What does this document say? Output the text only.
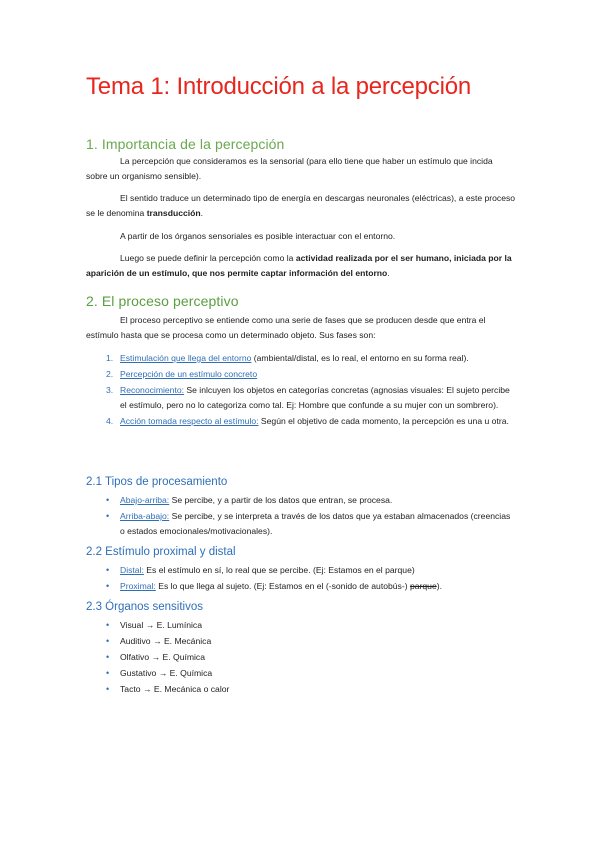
Tema 1: Introducción a la percepción
1. Importancia de la percepción

La percepción que consideramos es la sensorial (para ello tiene que haber un estímulo que incida sobre un organismo sensible).

El sentido traduce un determinado tipo de energía en descargas neuronales (eléctricas), a este proceso se le denomina transducción.

A partir de los órganos sensoriales es posible interactuar con el entorno.

Luego se puede definir la percepción como la actividad realizada por el ser humano, iniciada por la aparición de un estímulo, que nos permite captar información del entorno.

2. El proceso perceptivo

El proceso perceptivo se entiende como una serie de fases que se producen desde que entra el estímulo hasta que se procesa como un determinado objeto. Sus fases son:

1. Estimulación que llega del entorno (ambiental/distal, es lo real, el entorno en su forma real).
2. Percepción de un estímulo concreto
3. Reconocimiento: Se inlcuyen los objetos en categorías concretas (agnosias visuales: El sujeto percibe el estímulo, pero no lo categoriza como tal. Ej: Hombre que confunde a su mujer con un sombrero).
4. Acción tomada respecto al estímulo: Según el objetivo de cada momento, la percepción es una u otra.
2.1 Tipos de procesamiento
• Abajo-arriba: Se percibe, y a partir de los datos que entran, se procesa.
• Arriba-abajo: Se percibe, y se interpreta a través de los datos que ya estaban almacenados (creencias o estados emocionales/motivacionales).
2.2 Estímulo proximal y distal
• Distal: Es el estímulo en sí, lo real que se percibe. (Ej: Estamos en el parque)
• Proximal: Es lo que llega al sujeto. (Ej: Estamos en el (-sonido de autobús-) parque).
2.3 Órganos sensitivos
• Visual → E. Lumínica
• Auditivo → E. Mecánica
• Olfativo → E. Química
• Gustativo → E. Química
• Tacto → E. Mecánica o calor
